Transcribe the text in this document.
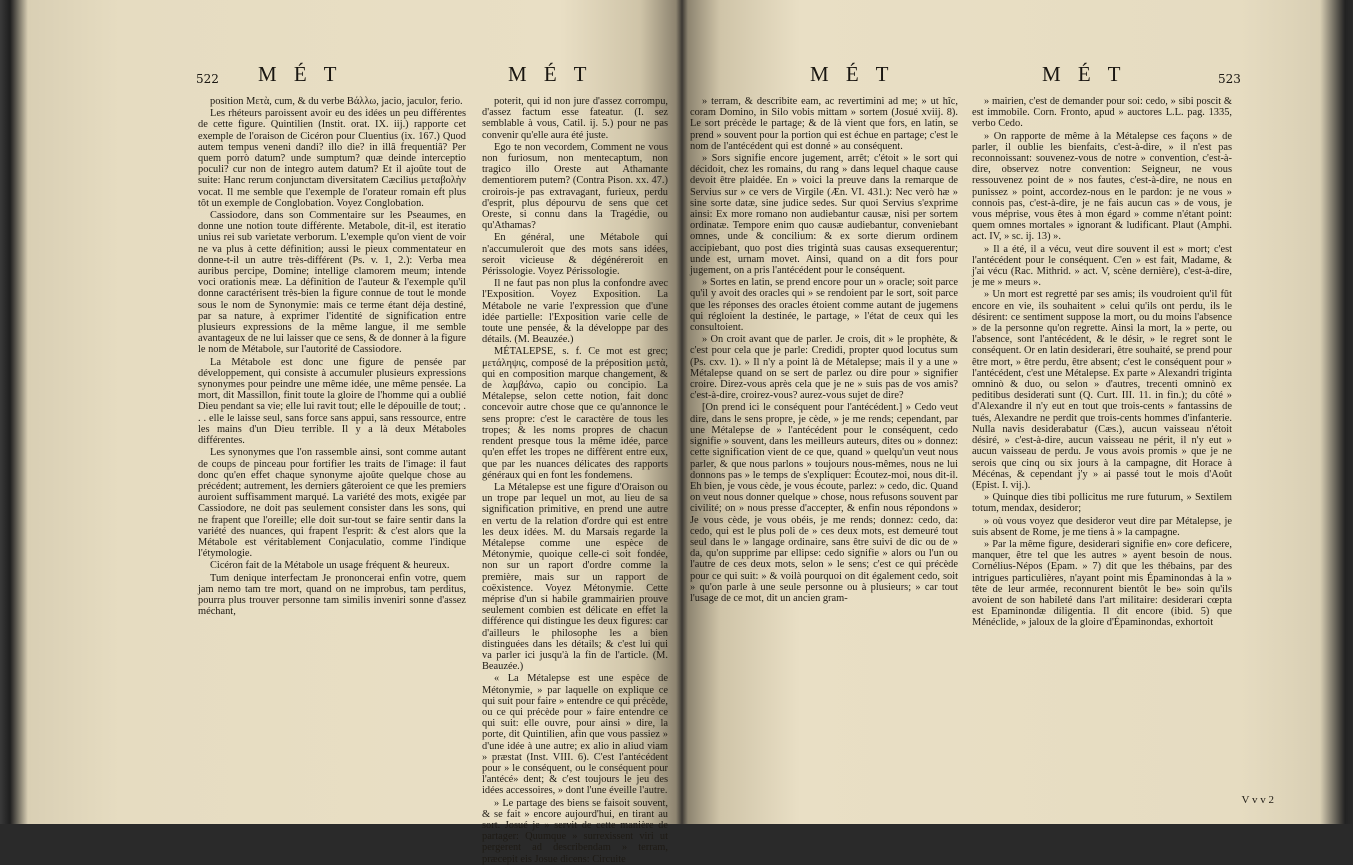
522 M É T	M É T

position Μετὰ, cum, & du verbe Βάλλω, jacio, jaculor, ferio.

Les rhéteurs paroissent avoir eu des idées un peu différentes de cette figure. Quintilien (Instit. orat. IX. iij.) rapporte cet exemple de l'oraison de Cicéron pour Cluentius (ix. 167.) Quod autem tempus veneni dandi? illo die? in illâ frequentiâ? Per quem porrò datum? unde sumptum? quæ deinde interceptio poculi? cur non de integro autem datum? Et il ajoûte tout de suite: Hanc rerum conjunctam diversitatem Cæcilius μεταβολὴν vocat. Il me semble que l'exemple de l'orateur romain eft plus tôt un exemple de Conglobation. Voyez Conglobation.

Cassiodore, dans son Commentaire sur les Pseaumes, en donne une notion toute différente. Metabole, dit-il, est iteratio unius rei sub varietate verborum. L'exemple qu'on vient de voir ne va plus à cette définition; aussi le pieux commentateur en donne-t-il un autre très-différent (Ps. v. 1, 2.): Verba mea auribus percipe, Domine; intellige clamorem meum; intende voci orationis meæ. La définition de l'auteur & l'exemple qu'il donne caractérisent très-bien la figure connue de tout le monde sous le nom de Synonymie: mais ce terme étant déja destiné, par sa nature, à exprimer l'identité de signification entre plusieurs expressions de la même langue, il me semble avantageux de ne lui laisser que ce sens, & de donner à la figure le nom de Métabole, sur l'autorité de Cassiodore.

La Métabole est donc une figure de pensée par développement, qui consiste à accumuler plusieurs expressions synonymes pour peindre une même idée, une même pensée. La mort, dit Massillon, finit toute la gloire de l'homme qui a oublié Dieu pendant sa vie; elle lui ravit tout; elle le dépouille de tout; . . . elle le laisse seul, sans force sans appui, sans ressource, entre les mains d'un Dieu terrible. Il y a là deux Métaboles différentes.

Les synonymes que l'on rassemble ainsi, sont comme autant de coups de pinceau pour fortifier les traits de l'image: il faut donc qu'en effet chaque synonyme ajoûte quelque chose au précédent; autrement, les derniers gâteroient ce que les premiers auroient suffisamment marqué. La variété des mots, exigée par Cassiodore, ne doit pas seulement consister dans les sons, qui ne frapent que l'oreille; elle doit sur-tout se faire sentir dans la variété des nuances, qui frapent l'esprit: & c'est alors que la Métabole est véritablement Conjaculatio, comme l'indique l'étymologie.

Cicéron fait de la Métabole un usage fréquent & heureux.

Tum denique interfectam Je prononcerai enfin votre, quem jam nemo tam tre mort, quand on ne improbus, tam perditus, pourra plus trouver personne tam similis inveniri sonne d'assez méchant,

poterit, qui id non jure d'assez corrompu, d'assez factum esse fateatur. (I. sez semblable à vous, Catil. ij. 5.) pour ne pas convenir qu'elle aura été juste.

Ego te non vecordem, Comment ne vous non furiosum, non mentecaptum, non tragico illo Oreste aut Athamante dementiorem putem? (Contra Pison. xx. 47.) croirois-je pas extravagant, furieux, perdu d'esprit, plus dépourvu de sens que cet Oreste, si connu dans la Tragédie, ou qu'Athamas?

En général, une Métabole qui n'accumuleroit que des mots sans idées, seroit vicieuse & dégénéreroit en Périssologie. Voyez Périssologie.

Il ne faut pas non plus la confondre avec l'Exposition. Voyez Exposition. La Métabole ne varie l'expression que d'une idée partielle: l'Exposition varie celle de toute une pensée, & la développe par des détails. (M. Beauzée.)

MÉTALEPSE, s. f. Ce mot est grec; μετάληψις, composé de la préposition μετὰ, qui en composition marque changement, & de λαμβάνω, capio ou concipio. La Métalepse, selon cette notion, fait donc concevoir autre chose que ce qu'annonce le sens propre: c'est le caractère de tous les tropes; & les noms propres de chacun rendent presque tous la même idée, parce qu'en effet les tropes ne diffèrent entre eux, que par les nuances délicates des rapports généraux qui en font les fondemens.

La Métalepse est une figure d'Oraison ou un trope par lequel un mot, au lieu de sa signification primitive, en prend une autre en vertu de la relation d'ordre qui est entre les deux idées. M. du Marsais regarde la Métalepse comme une espèce de Métonymie, quoique celle-ci soit fondée, non sur un raport d'ordre comme la première, mais sur un rapport de coëxistence. Voyez Métonymie. Cette méprise d'un si habile grammairien prouve seulement combien est délicate en effet la différence qui distingue les deux figures: car d'ailleurs le philosophe les a bien distinguées dans les détails; & c'est lui qui va parler ici jusqu'à la fin de l'article. (M. Beauzée.)

« La Métalepse est une espèce de Métonymie, » par laquelle on explique ce qui suit pour faire » entendre ce qui précède, ou ce qui précède pour » faire entendre ce qui suit: elle ouvre, pour ainsi » dire, la porte, dit Quintilien, afin que vous passiez » d'une idée à une autre; ex alio in aliud viam » præstat (Inst. VIII. 6). C'est l'antécédent pour » le conséquent, ou le conséquent pour l'antécé» dent; & c'est toujours le jeu des idées accessoires, » dont l'une éveille l'autre.

» Le partage des biens se faisoit souvent, & se fait » encore aujourd'hui, en tirant au sort. Josué je » servit de cette manière de partager: Quumque » surrexissent viri ut pergerent ad describendam » terram, præcepit eis Josue dicens: Circuite

M É T	M É T	523

» terram, & describite eam, ac revertimini ad me; » ut hîc, coram Domino, in Silo vobis mittam » sortem (Josué xviij. 8). Le sort précède le partage; & de là vient que fors, en latin, se prend » souvent pour la portion qui est échue en partage; c'est le nom de l'antécédent qui est donné » au conséquent.

» Sors signifie encore jugement, arrêt; c'étoit » le sort qui décidoit, chez les romains, du rang » dans lequel chaque cause devoit être plaidée. En » voici la preuve dans la remarque de Servius sur » ce vers de Virgile (Æn. VI. 431.): Nec verò hæ » sine sorte datæ, sine judice sedes. Sur quoi Servius s'exprime ainsi: Ex more romano non audiebantur causæ, nisi per sortem ordinatæ. Tempore enim quo causæ audiebantur, conveniebant omnes, unde & concilium: & ex sorte dierum ordinem accipiebant, quo post dies trigintà suas causas exsequerentur; unde est, urnam movet. Ainsi, quand on a dit fors pour jugement, on a pris l'antécédent pour le conséquent.

» Sortes en latin, se prend encore pour un » oracle; soit parce qu'il y avoit des oracles qui » se rendoient par le sort, soit parce que les réponses des oracles étoient comme autant de jugemens qui régloient la destinée, le partage, » l'état de ceux qui les consultoient.

» On croit avant que de parler. Je crois, dit » le prophète, & c'est pour cela que je parle: Credidi, propter quod locutus sum (Ps. cxv. 1). » Il n'y a point là de Métalepse; mais il y a une » Métalepse quand on se sert de parlez ou dire pour » signifier croire. Direz-vous après cela que je ne » suis pas de vos amis? c'est-à-dire, croirez-vous? aurez-vous sujet de dire?

[On prend ici le conséquent pour l'antécédent.] » Cedo veut dire, dans le sens propre, je cède, » je me rends; cependant, par une Métalepse de » l'antécédent pour le conséquent, cedo signifie » souvent, dans les meilleurs auteurs, dites ou » donnez: cette signification vient de ce que, quand » quelqu'un veut nous parler, & que nous parlons » toujours nous-mêmes, nous ne lui donnons pas » le temps de s'expliquer: Écoutez-moi, nous dit-il. Eh bien, je vous cède, je vous écoute, parlez: » cedo, dic. Quand on veut nous donner quelque » chose, nous refusons souvent par civilité; on » nous presse d'accepter, & enfin nous répondons » Je vous cède, je vous obéis, je me rends; donnez: cedo, da: cedo, qui est le plus poli de » ces deux mots, est demeuré tout seul dans le » langage ordinaire, sans être suivi de dic ou de » da, qu'on supprime par ellipse: cedo signifie » alors ou l'un ou l'autre de ces deux mots, selon » le sens; c'est ce qui précède pour ce qui suit: » & voilà pourquoi on dit également cedo, soit » qu'on parle à une seule personne ou à plusieurs; » car tout l'usage de ce mot, dit un ancien gram-

» mairien, c'est de demander pour soi: cedo, » sibi poscit & est immobile. Corn. Fronto, apud » auctores L.L. pag. 1335, verbo Cedo.

» On rapporte de même à la Métalepse ces façons » de parler, il oublie les bienfaits, c'est-à-dire, » il n'est pas reconnoissant: souvenez-vous de notre » convention, c'est-à-dire, observez notre convention: Seigneur, ne vous ressouvenez point de » nos fautes, c'est-à-dire, ne nous en punissez » point, accordez-nous en le pardon: je ne vous » connois pas, c'est-à-dire, je ne fais aucun cas » de vous, je vous méprise, vous êtes à mon égard » comme n'étant point: quem omnes mortales » ignorant & ludificant. Plaut (Amphi. act. IV, » sc. ij. 13) ».

» Il a été, il a vécu, veut dire souvent il est » mort; c'est l'antécédent pour le conséquent. C'en » est fait, Madame, & j'ai vécu (Rac. Mithrid. » act. V, scène dernière), c'est-à-dire, je me » meurs ».

» Un mort est regretté par ses amis; ils voudroient qu'il fût encore en vie, ils souhaitent » celui qu'ils ont perdu, ils le désirent: ce sentiment suppose la mort, ou du moins l'absence » de la personne qu'on regrette. Ainsi la mort, la » perte, ou l'absence, sont l'antécédent, & le désir, » le regret sont le conséquent. Or en latin desiderari, être souhaité, se prend pour être mort, » être perdu, être absent; c'est le conséquent pour » l'antécédent, c'est une Métalepse. Ex parte » Alexandri triginta omninò & duo, ou selon » d'autres, trecenti omninò ex peditibus desiderati sunt (Q. Curt. III. 11. in fin.); du côté » d'Alexandre il n'y eut en tout que trois-cents » fantassins de tués, Alexandre ne perdit que trois-cents hommes d'infanterie. Nulla navis desiderabatur (Cæs.), aucun vaisseau n'étoit désiré, » c'est-à-dire, aucun vaisseau ne périt, il n'y eut » aucun vaisseau de perdu. Je vous avois promis » que je ne serois que cinq ou six jours à la campagne, dit Horace à Mécénas, & cependant j'y » ai passé tout le mois d'Août (Epist. I. vij.).

» Quinque dies tibi pollicitus me rure futurum, » Sextilem totum, mendax, desideror;

» où vous voyez que desideror veut dire par Métalepse, je suis absent de Rome, je me tiens à » la campagne.

» Par la même figure, desiderari signifie en» core deficere, manquer, être tel que les autres » ayent besoin de nous. Cornélius-Népos (Epam. » 7) dit que les thébains, par des intrigues particulières, n'ayant point mis Épaminondas à la » tête de leur armée, reconnurent bientôt le be» soin qu'ils avoient de son habileté dans l'art militaire: desiderari cœpta est Epaminondæ diligentia. Il dit encore (ibid. 5) que Ménéclide, » jaloux de la gloire d'Épaminondas, exhortoit

V v v 2
